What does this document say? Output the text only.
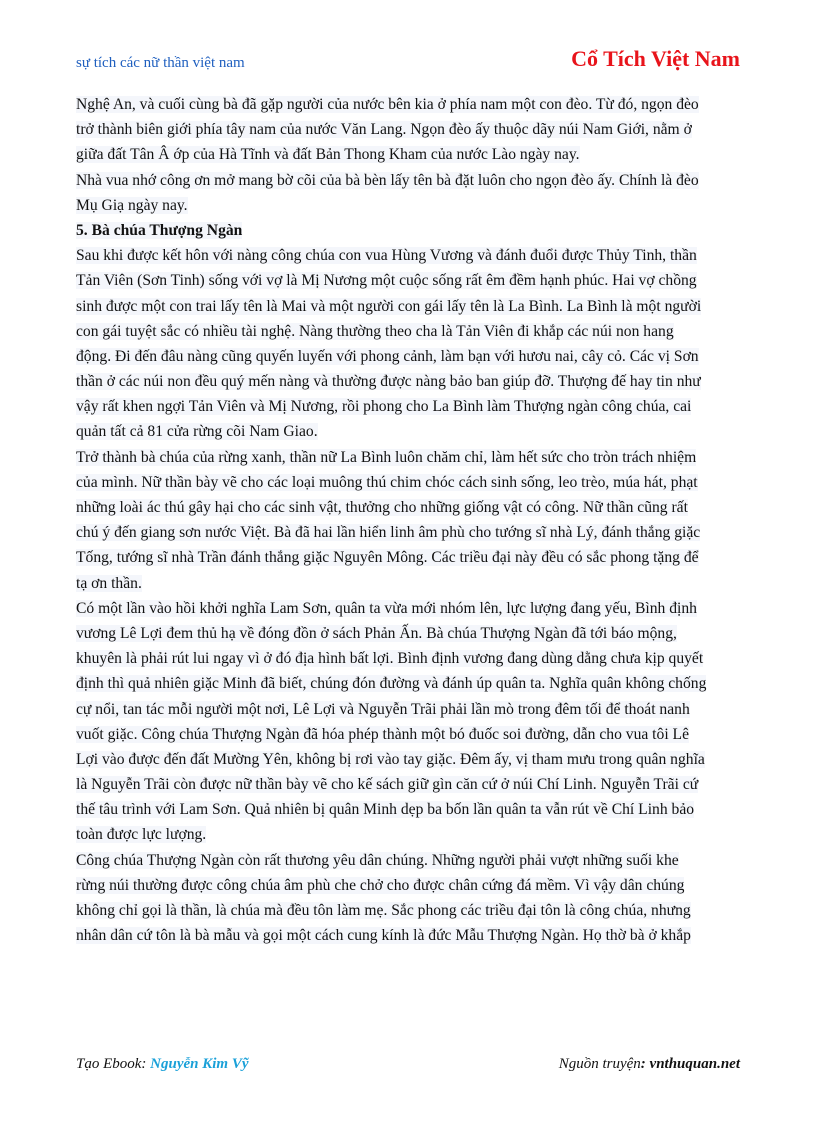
sự tích các nữ thần việt nam	Cổ Tích Việt Nam
Nghệ An, và cuối cùng bà đã gặp người của nước bên kia ở phía nam một con đèo. Từ đó, ngọn đèo
trở thành biên giới phía tây nam của nước Văn Lang. Ngọn đèo ấy thuộc dãy núi Nam Giới, nằm ở
giữa đất Tân Â ớp của Hà Tĩnh và đất Bản Thong Kham của nước Lào ngày nay.
Nhà vua nhớ công ơn mở mang bờ cõi của bà bèn lấy tên bà đặt luôn cho ngọn đèo ấy. Chính là đèo
Mụ Giạ ngày nay.
5. Bà chúa Thượng Ngàn
Sau khi được kết hôn với nàng công chúa con vua Hùng Vương và đánh đuổi được Thủy Tinh, thần
Tản Viên (Sơn Tinh) sống với vợ là Mị Nương một cuộc sống rất êm đềm hạnh phúc. Hai vợ chồng
sinh được một con trai lấy tên là Mai và một người con gái lấy tên là La Bình. La Bình là một người
con gái tuyệt sắc có nhiều tài nghệ. Nàng thường theo cha là Tản Viên đi khắp các núi non hang
động. Đi đến đâu nàng cũng quyến luyến với phong cảnh, làm bạn với hươu nai, cây cỏ. Các vị Sơn
thần ở các núi non đều quý mến nàng và thường được nàng bảo ban giúp đỡ. Thượng đế hay tin như
vậy rất khen ngợi Tản Viên và Mị Nương, rồi phong cho La Bình làm Thượng ngàn công chúa, cai
quản tất cả 81 cửa rừng cõi Nam Giao.
Trở thành bà chúa của rừng xanh, thần nữ La Bình luôn chăm chỉ, làm hết sức cho tròn trách nhiệm
của mình. Nữ thần bày vẽ cho các loại muông thú chim chóc cách sinh sống, leo trèo, múa hát, phạt
những loài ác thú gây hại cho các sinh vật, thưởng cho những giống vật có công. Nữ thần cũng rất
chú ý đến giang sơn nước Việt. Bà đã hai lần hiển linh âm phù cho tướng sĩ nhà Lý, đánh thắng giặc
Tống, tướng sĩ nhà Trần đánh thắng giặc Nguyên Mông. Các triều đại này đều có sắc phong tặng để
tạ ơn thần.
Có một lần vào hồi khởi nghĩa Lam Sơn, quân ta vừa mới nhóm lên, lực lượng đang yếu, Bình định
vương Lê Lợi đem thủ hạ về đóng đồn ở sách Phản Ấn. Bà chúa Thượng Ngàn đã tới báo mộng,
khuyên là phải rút lui ngay vì ở đó địa hình bất lợi. Bình định vương đang dùng dằng chưa kịp quyết
định thì quả nhiên giặc Minh đã biết, chúng đón đường và đánh úp quân ta. Nghĩa quân không chống
cự nổi, tan tác mỗi người một nơi, Lê Lợi và Nguyễn Trãi phải lần mò trong đêm tối để thoát nanh
vuốt giặc. Công chúa Thượng Ngàn đã hóa phép thành một bó đuốc soi đường, dẫn cho vua tôi Lê
Lợi vào được đến đất Mường Yên, không bị rơi vào tay giặc. Đêm ấy, vị tham mưu trong quân nghĩa
là Nguyễn Trãi còn được nữ thần bày vẽ cho kế sách giữ gìn căn cứ ở núi Chí Linh. Nguyễn Trãi cứ
thế tâu trình với Lam Sơn. Quả nhiên bị quân Minh dẹp ba bốn lần quân ta vẫn rút về Chí Linh bảo
toàn được lực lượng.
Công chúa Thượng Ngàn còn rất thương yêu dân chúng. Những người phải vượt những suối khe
rừng núi thường được công chúa âm phù che chở cho được chân cứng đá mềm. Vì vậy dân chúng
không chỉ gọi là thần, là chúa mà đều tôn làm mẹ. Sắc phong các triều đại tôn là công chúa, nhưng
nhân dân cứ tôn là bà mẫu và gọi một cách cung kính là đức Mẫu Thượng Ngàn. Họ thờ bà ở khắp
Tạo Ebook: Nguyễn Kim Vỹ	Nguồn truyện: vnthuquan.net
